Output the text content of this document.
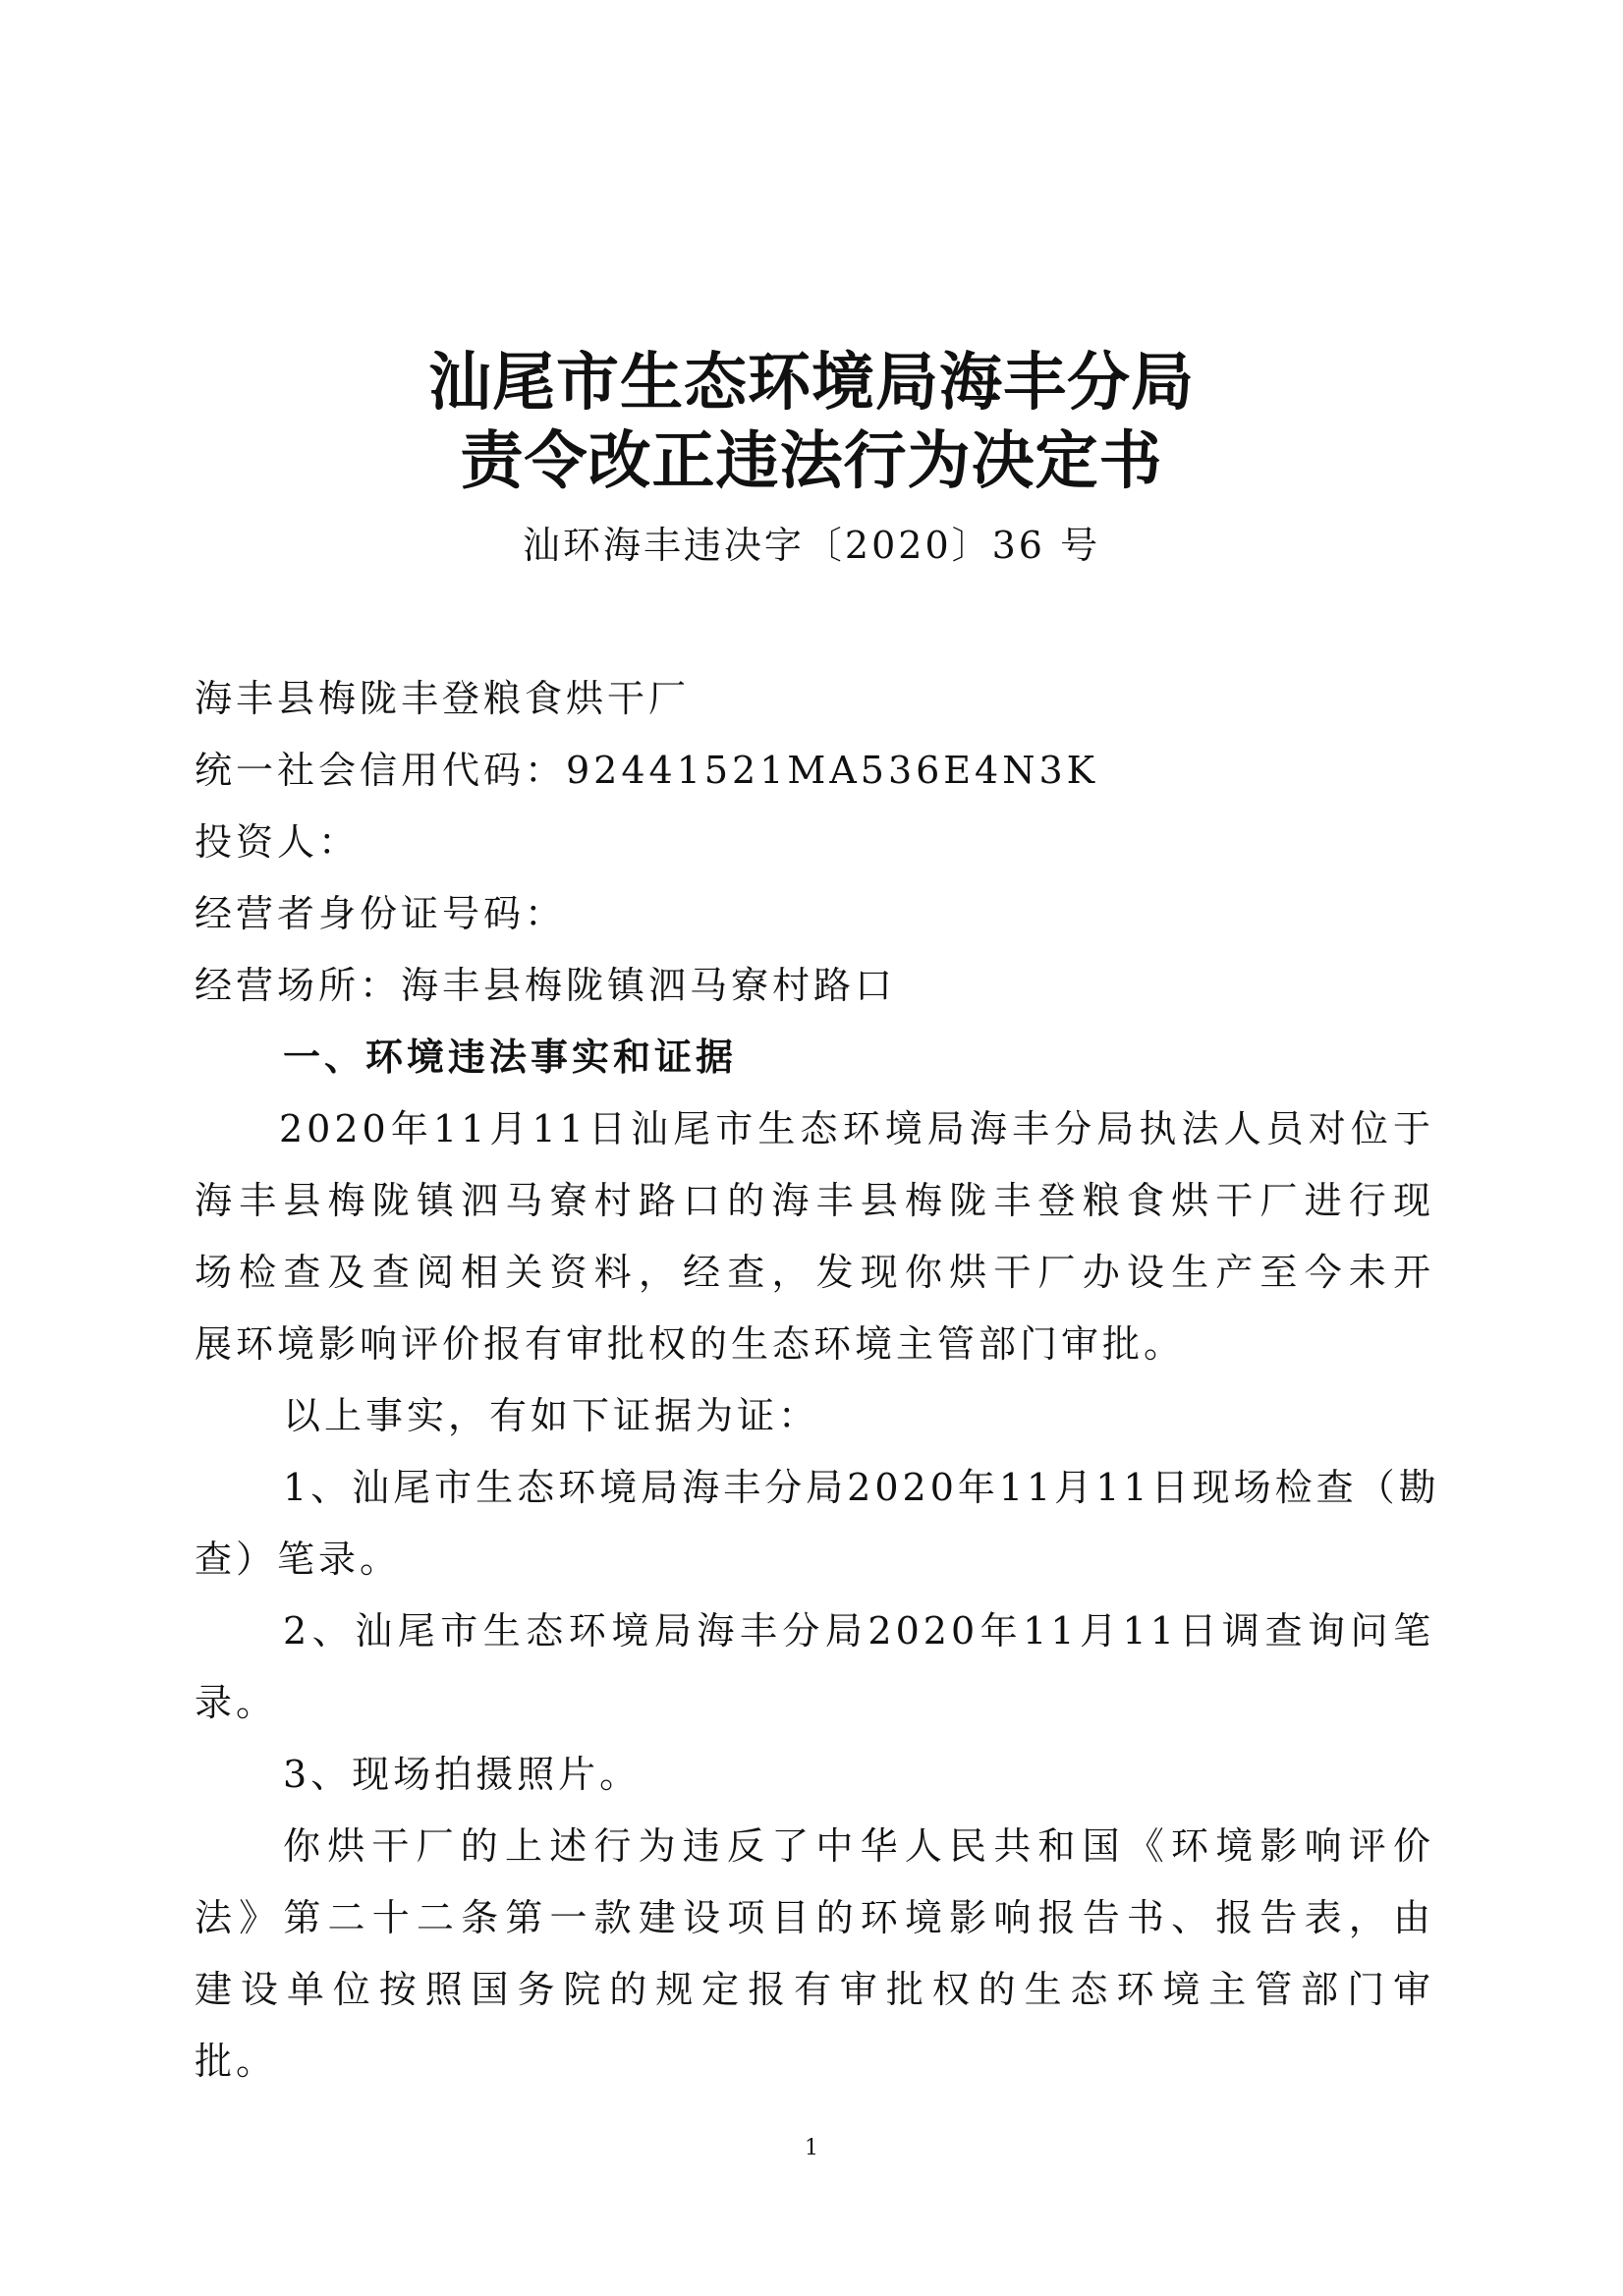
汕尾市生态环境局海丰分局
责令改正违法行为决定书
汕环海丰违决字〔2020〕36 号
海丰县梅陇丰登粮食烘干厂
统一社会信用代码：92441521MA536E4N3K
投资人：
经营者身份证号码：
经营场所：海丰县梅陇镇泗马寮村路口
一、环境违法事实和证据
2020年11月11日汕尾市生态环境局海丰分局执法人员对位于
海丰县梅陇镇泗马寮村路口的海丰县梅陇丰登粮食烘干厂进行现
场检查及查阅相关资料，经查，发现你烘干厂办设生产至今未开
展环境影响评价报有审批权的生态环境主管部门审批。
以上事实，有如下证据为证：
1、汕尾市生态环境局海丰分局2020年11月11日现场检查（勘
查）笔录。
2、汕尾市生态环境局海丰分局2020年11月11日调查询问笔
录。
3、现场拍摄照片。
你烘干厂的上述行为违反了中华人民共和国《环境影响评价
法》第二十二条第一款建设项目的环境影响报告书、报告表，由
建设单位按照国务院的规定报有审批权的生态环境主管部门审
批。
1
